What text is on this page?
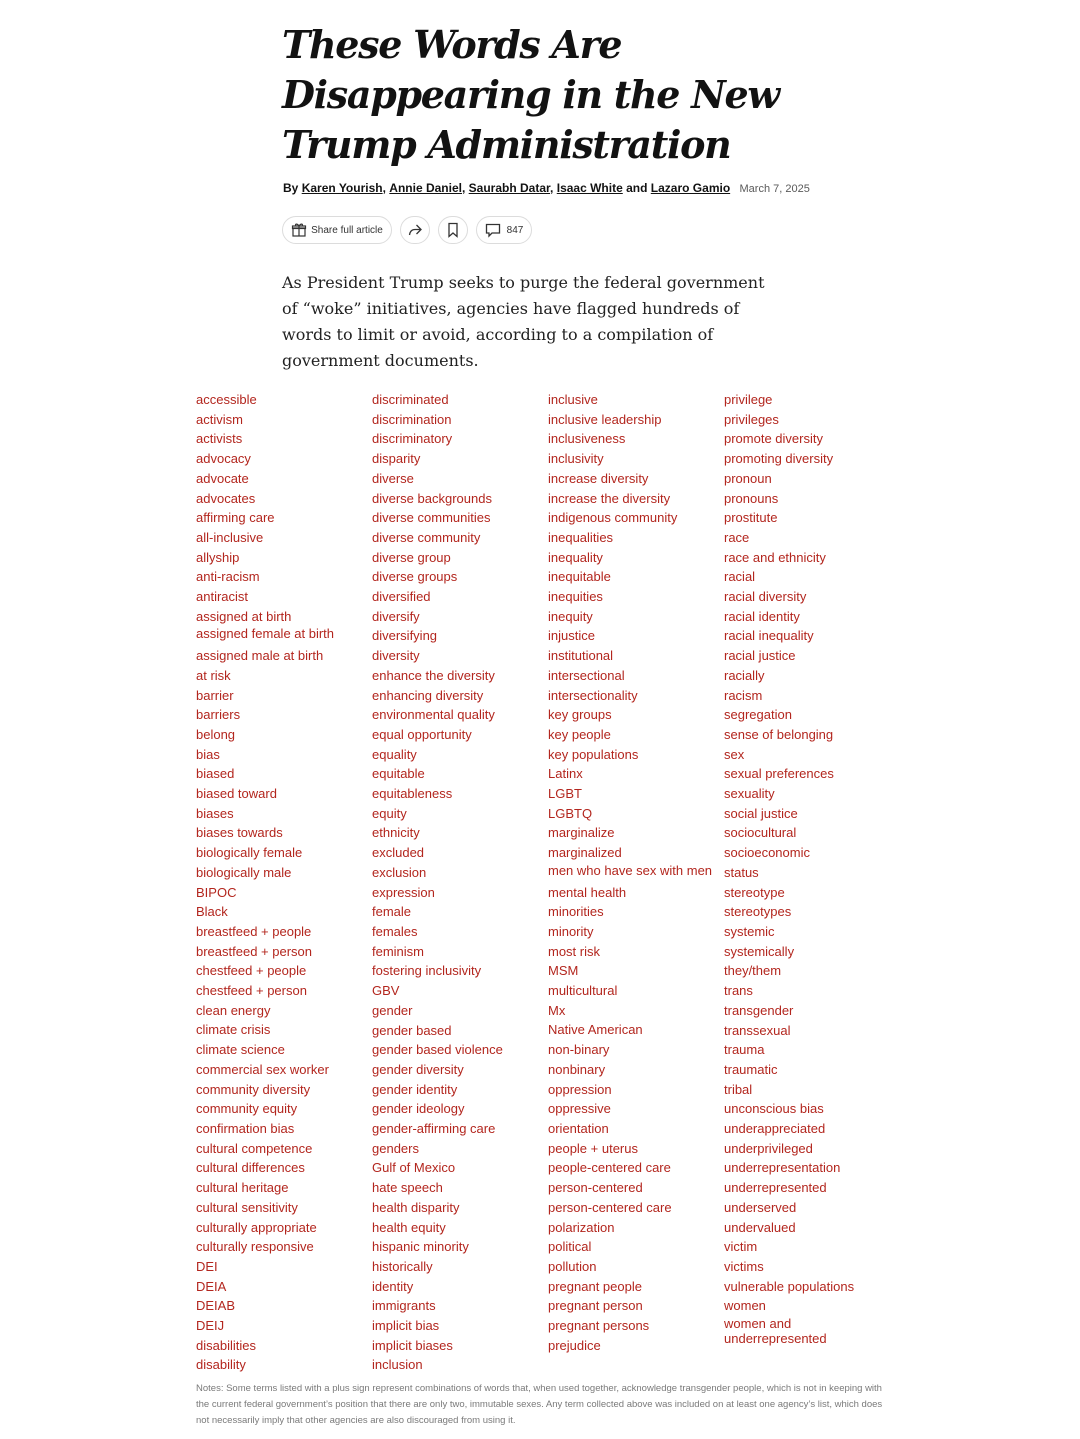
These Words Are
Disappearing in the New
Trump Administration
By Karen Yourish, Annie Daniel, Saurabh Datar, Isaac White and Lazaro Gamio March 7, 2025
Share full article	847

As President Trump seeks to purge the federal government of “woke” initiatives, agencies have flagged hundreds of words to limit or avoid, according to a compilation of government documents.

accessible
activism
activists
advocacy
advocate
advocates
affirming care
all-inclusive
allyship
anti-racism
antiracist
assigned at birth
assigned female at birth
assigned male at birth
at risk
barrier
barriers
belong
bias
biased
biased toward
biases
biases towards
biologically female
biologically male
BIPOC
Black
breastfeed + people
breastfeed + person
chestfeed + people
chestfeed + person
clean energy
climate crisis
climate science
commercial sex worker
community diversity
community equity
confirmation bias
cultural competence
cultural differences
cultural heritage
cultural sensitivity
culturally appropriate
culturally responsive
DEI
DEIA
DEIAB
DEIJ
disabilities
disability
discriminated
discrimination
discriminatory
disparity
diverse
diverse backgrounds
diverse communities
diverse community
diverse group
diverse groups
diversified
diversify
diversifying
diversity
enhance the diversity
enhancing diversity
environmental quality
equal opportunity
equality
equitable
equitableness
equity
ethnicity
excluded
exclusion
expression
female
females
feminism
fostering inclusivity
GBV
gender
gender based
gender based violence
gender diversity
gender identity
gender ideology
gender-affirming care
genders
Gulf of Mexico
hate speech
health disparity
health equity
hispanic minority
historically
identity
immigrants
implicit bias
implicit biases
inclusion
inclusive
inclusive leadership
inclusiveness
inclusivity
increase diversity
increase the diversity
indigenous community
inequalities
inequality
inequitable
inequities
inequity
injustice
institutional
intersectional
intersectionality
key groups
key people
key populations
Latinx
LGBT
LGBTQ
marginalize
marginalized
men who have sex with men
mental health
minorities
minority
most risk
MSM
multicultural
Mx
Native American
non-binary
nonbinary
oppression
oppressive
orientation
people + uterus
people-centered care
person-centered
person-centered care
polarization
political
pollution
pregnant people
pregnant person
pregnant persons
prejudice
privilege
privileges
promote diversity
promoting diversity
pronoun
pronouns
prostitute
race
race and ethnicity
racial
racial diversity
racial identity
racial inequality
racial justice
racially
racism
segregation
sense of belonging
sex
sexual preferences
sexuality
social justice
sociocultural
socioeconomic
status
stereotype
stereotypes
systemic
systemically
they/them
trans
transgender
transsexual
trauma
traumatic
tribal
unconscious bias
underappreciated
underprivileged
underrepresentation
underrepresented
underserved
undervalued
victim
victims
vulnerable populations
women
women and underrepresented

Notes: Some terms listed with a plus sign represent combinations of words that, when used together, acknowledge transgender people, which is not in keeping with the current federal government’s position that there are only two, immutable sexes. Any term collected above was included on at least one agency’s list, which does not necessarily imply that other agencies are also discouraged from using it.
